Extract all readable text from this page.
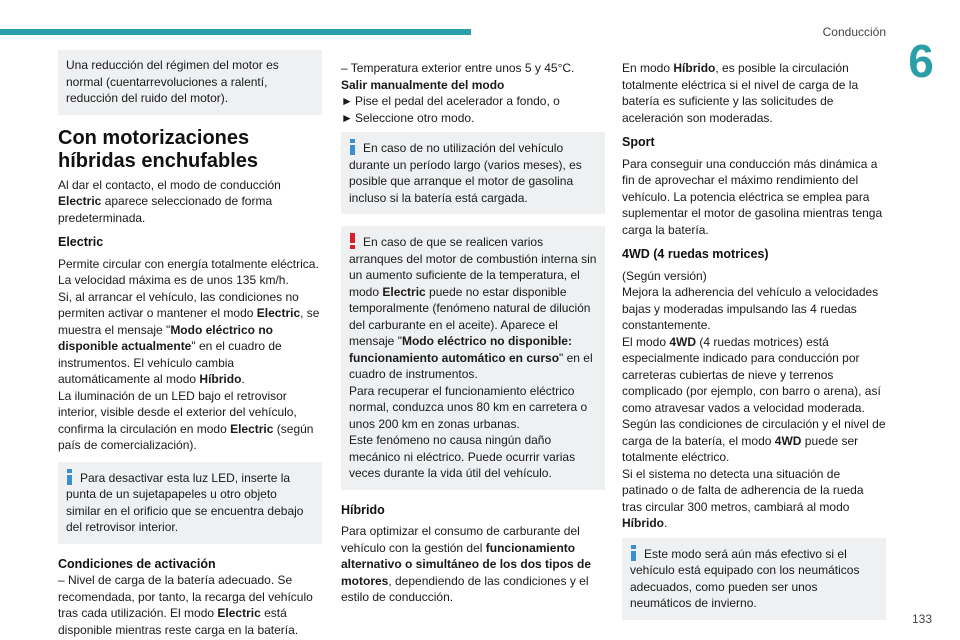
Conducción
6
133

Una reducción del régimen del motor es normal (cuentarrevoluciones a ralentí, reducción del ruido del motor).

Con motorizaciones híbridas enchufables

Al dar el contacto, el modo de conducción Electric aparece seleccionado de forma predeterminada.

Electric

Permite circular con energía totalmente eléctrica.

La velocidad máxima es de unos 135 km/h.

Si, al arrancar el vehículo, las condiciones no permiten activar o mantener el modo Electric, se muestra el mensaje "Modo eléctrico no disponible actualmente" en el cuadro de instrumentos. El vehículo cambia automáticamente al modo Híbrido.

La iluminación de un LED bajo el retrovisor interior, visible desde el exterior del vehículo, confirma la circulación en modo Electric (según país de comercialización).

Para desactivar esta luz LED, inserte la punta de un sujetapapeles u otro objeto similar en el orificio que se encuentra debajo del retrovisor interior.

Condiciones de activación

– Nivel de carga de la batería adecuado. Se recomendada, por tanto, la recarga del vehículo tras cada utilización. El modo Electric está disponible mientras reste carga en la batería.

– Temperatura exterior entre unos 5 y 45°C.

Salir manualmente del modo

► Pise el pedal del acelerador a fondo, o

► Seleccione otro modo.

En caso de no utilización del vehículo durante un período largo (varios meses), es posible que arranque el motor de gasolina incluso si la batería está cargada.

En caso de que se realicen varios arranques del motor de combustión interna sin un aumento suficiente de la temperatura, el modo Electric puede no estar disponible temporalmente (fenómeno natural de dilución del carburante en el aceite). Aparece el mensaje "Modo eléctrico no disponible: funcionamiento automático en curso" en el cuadro de instrumentos.

Para recuperar el funcionamiento eléctrico normal, conduzca unos 80 km en carretera o unos 200 km en zonas urbanas.

Este fenómeno no causa ningún daño mecánico ni eléctrico. Puede ocurrir varias veces durante la vida útil del vehículo.

Híbrido

Para optimizar el consumo de carburante del vehículo con la gestión del funcionamiento alternativo o simultáneo de los dos tipos de motores, dependiendo de las condiciones y el estilo de conducción.

En modo Híbrido, es posible la circulación totalmente eléctrica si el nivel de carga de la batería es suficiente y las solicitudes de aceleración son moderadas.

Sport

Para conseguir una conducción más dinámica a fin de aprovechar el máximo rendimiento del vehículo. La potencia eléctrica se emplea para suplementar el motor de gasolina mientras tenga carga la batería.

4WD (4 ruedas motrices)

(Según versión)

Mejora la adherencia del vehículo a velocidades bajas y moderadas impulsando las 4 ruedas constantemente.

El modo 4WD (4 ruedas motrices) está especialmente indicado para conducción por carreteras cubiertas de nieve y terrenos complicado (por ejemplo, con barro o arena), así como atravesar vados a velocidad moderada.

Según las condiciones de circulación y el nivel de carga de la batería, el modo 4WD puede ser totalmente eléctrico.

Si el sistema no detecta una situación de patinado o de falta de adherencia de la rueda tras circular 300 metros, cambiará al modo Híbrido.

Este modo será aún más efectivo si el vehículo está equipado con los neumáticos adecuados, como pueden ser unos neumáticos de invierno.
